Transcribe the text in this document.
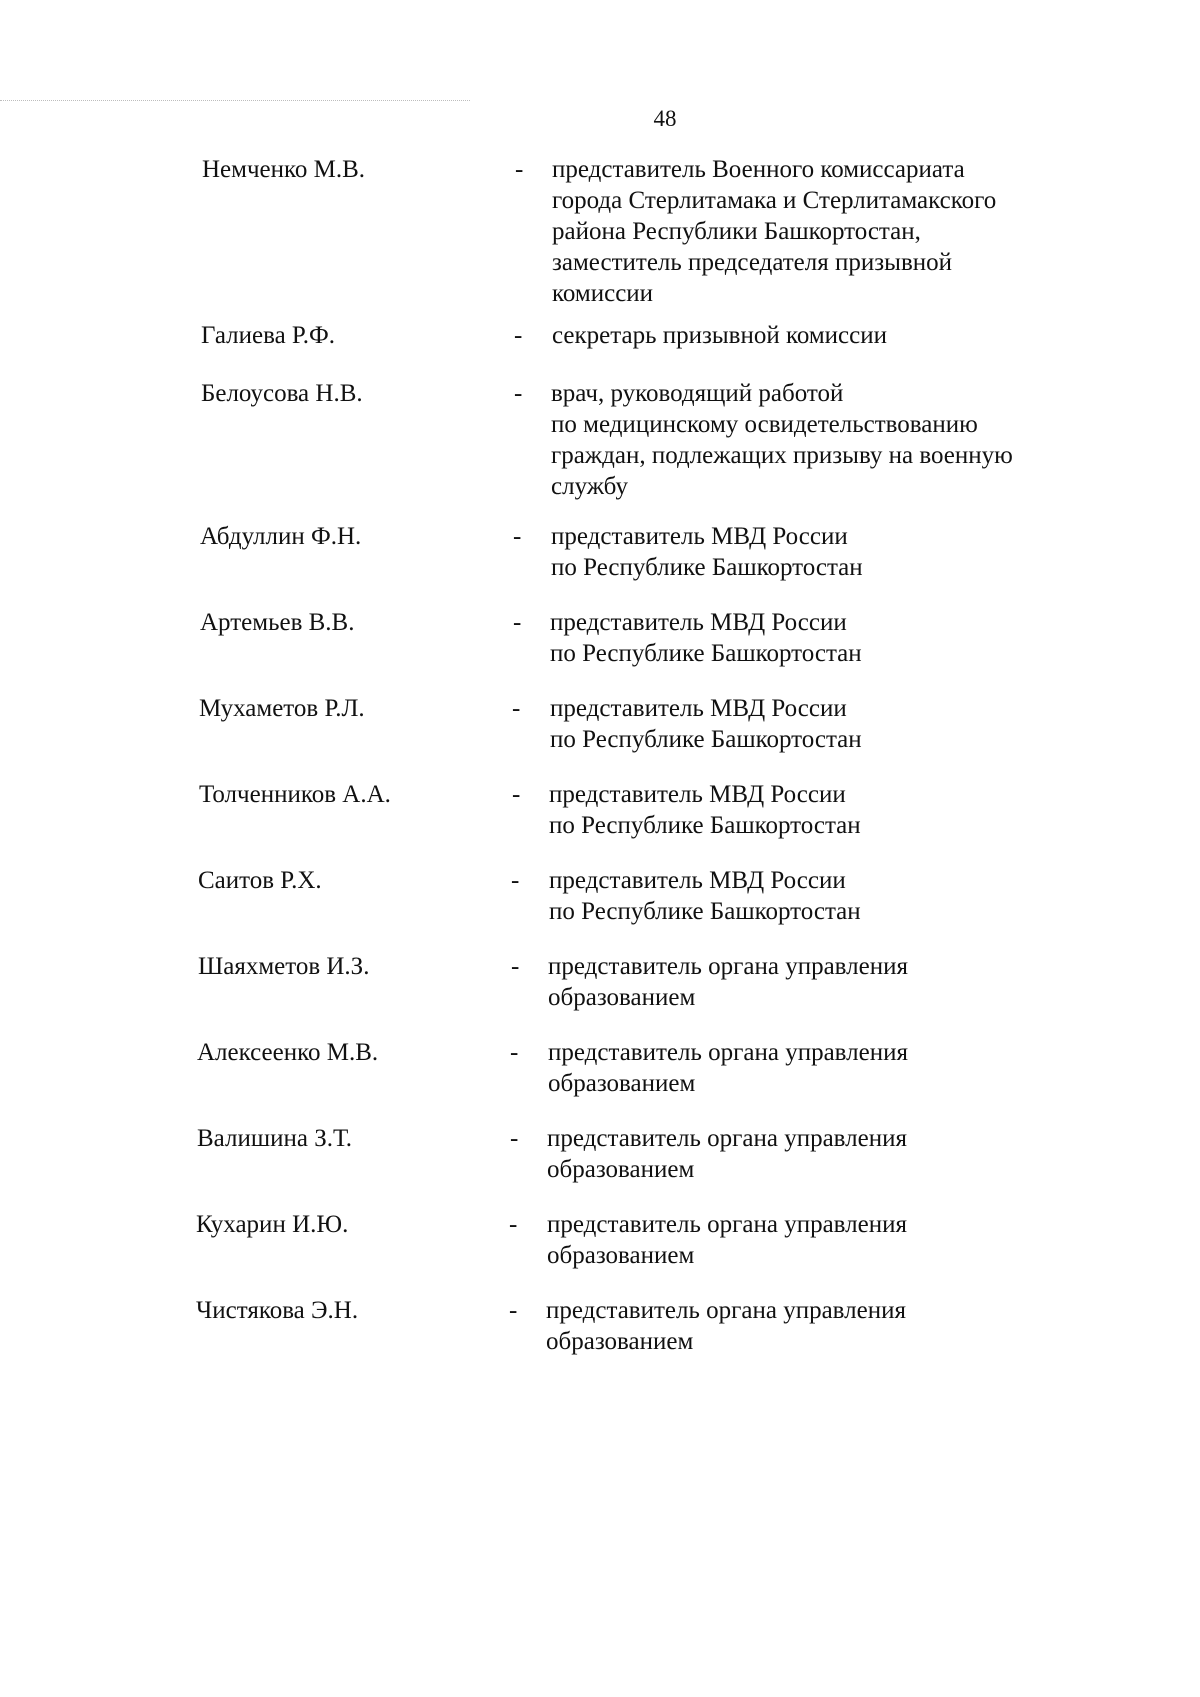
48
Немченко М.В.	- представитель Военного комиссариата
города Стерлитамака и Стерлитамакского
района Республики Башкортостан,
заместитель председателя призывной
комиссии
Галиева Р.Ф.	- секретарь призывной комиссии
Белоусова Н.В.	- врач, руководящий работой
по медицинскому освидетельствованию
граждан, подлежащих призыву на военную
службу
Абдуллин Ф.Н.	- представитель МВД России
по Республике Башкортостан
Артемьев В.В.	- представитель МВД России
по Республике Башкортостан
Мухаметов Р.Л.	- представитель МВД России
по Республике Башкортостан
Толченников А.А.	- представитель МВД России
по Республике Башкортостан
Саитов Р.Х.	- представитель МВД России
по Республике Башкортостан
Шаяхметов И.З.	- представитель органа управления
образованием
Алексеенко М.В.	- представитель органа управления
образованием
Валишина З.Т.	- представитель органа управления
образованием
Кухарин И.Ю.	- представитель органа управления
образованием
Чистякова Э.Н.	- представитель органа управления
образованием
